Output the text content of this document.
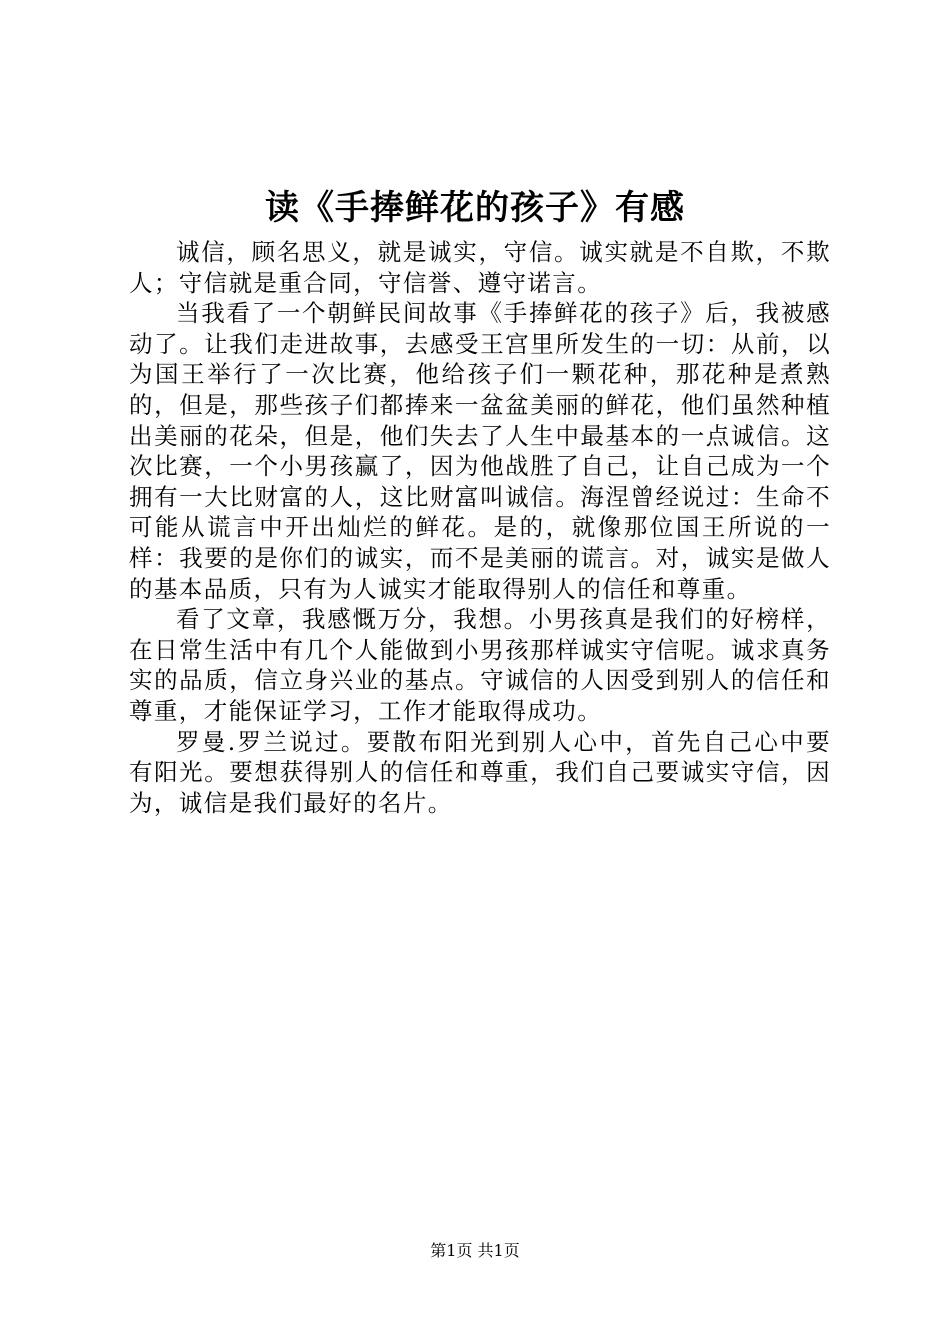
读《手捧鲜花的孩子》有感

诚信，顾名思义，就是诚实，守信。诚实就是不自欺，不欺人；守信就是重合同，守信誉、遵守诺言。

当我看了一个朝鲜民间故事《手捧鲜花的孩子》后，我被感动了。让我们走进故事，去感受王宫里所发生的一切：从前，以为国王举行了一次比赛，他给孩子们一颗花种，那花种是煮熟的，但是，那些孩子们都捧来一盆盆美丽的鲜花，他们虽然种植出美丽的花朵，但是，他们失去了人生中最基本的一点诚信。这次比赛，一个小男孩赢了，因为他战胜了自己，让自己成为一个拥有一大比财富的人，这比财富叫诚信。海涅曾经说过：生命不可能从谎言中开出灿烂的鲜花。是的，就像那位国王所说的一样：我要的是你们的诚实，而不是美丽的谎言。对，诚实是做人的基本品质，只有为人诚实才能取得别人的信任和尊重。

看了文章，我感慨万分，我想。小男孩真是我们的好榜样，在日常生活中有几个人能做到小男孩那样诚实守信呢。诚求真务实的品质，信立身兴业的基点。守诚信的人因受到别人的信任和尊重，才能保证学习，工作才能取得成功。

罗曼.罗兰说过。要散布阳光到别人心中，首先自己心中要有阳光。要想获得别人的信任和尊重，我们自己要诚实守信，因为，诚信是我们最好的名片。

第1页 共1页
